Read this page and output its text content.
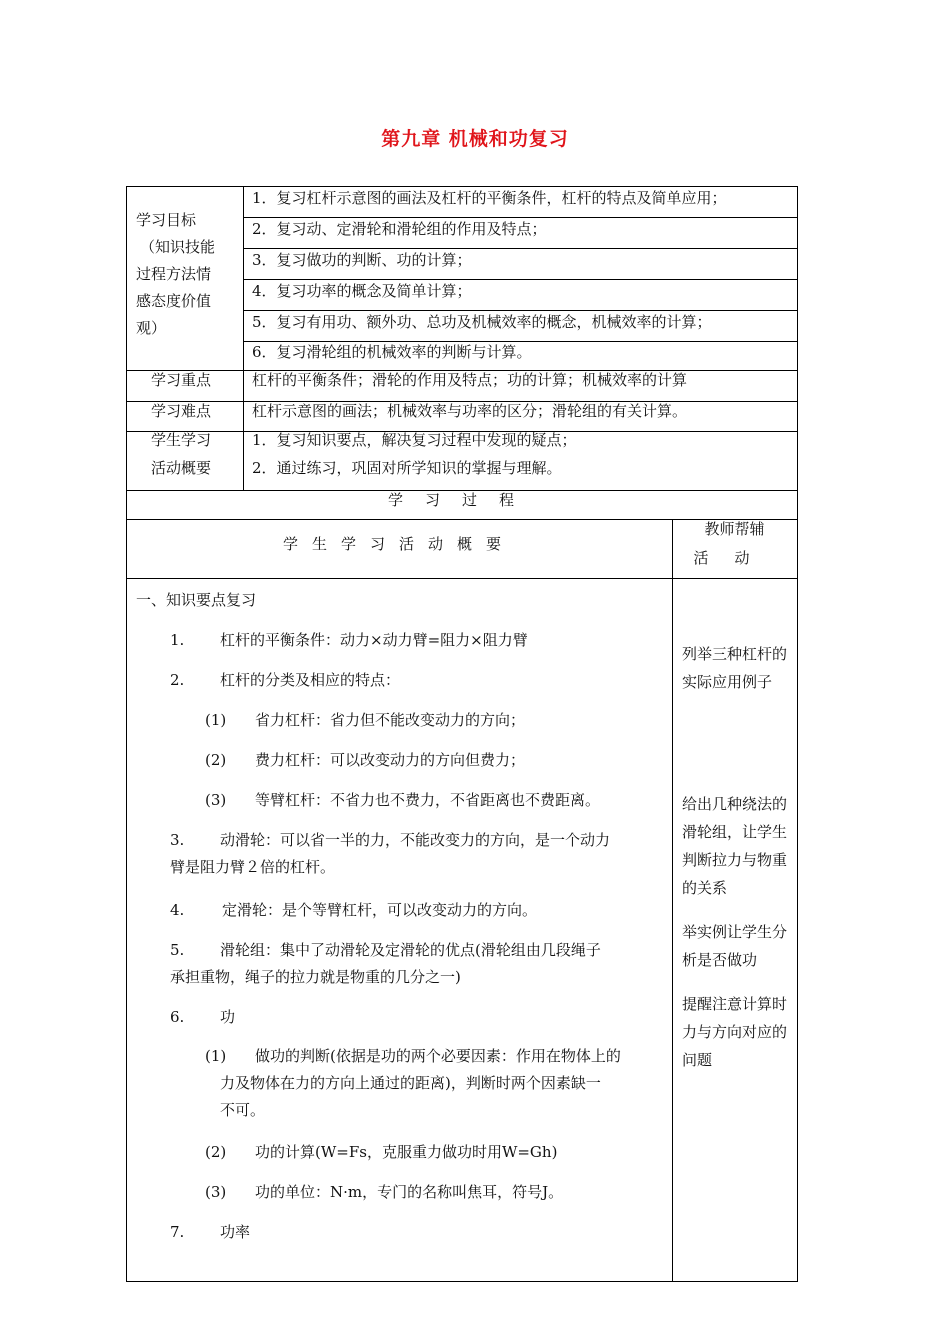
第九章 机械和功复习
学习目标
（知识技能
过程方法情
感态度价值
观）
学习重点
学习难点
学生学习
活动概要
1．复习杠杆示意图的画法及杠杆的平衡条件，杠杆的特点及简单应用；
2．复习动、定滑轮和滑轮组的作用及特点；
3．复习做功的判断、功的计算；
4．复习功率的概念及简单计算；
5．复习有用功、额外功、总功及机械效率的概念，机械效率的计算；
6．复习滑轮组的机械效率的判断与计算。
杠杆的平衡条件；滑轮的作用及特点；功的计算；机械效率的计算
杠杆示意图的画法；机械效率与功率的区分；滑轮组的有关计算。
1．复习知识要点，解决复习过程中发现的疑点；
2．通过练习，巩固对所学知识的掌握与理解。
学习过程
学生学习活动概要
教师帮辅
活动
一、知识要点复习
1. 杠杆的平衡条件：动力×动力臂=阻力×阻力臂
2. 杠杆的分类及相应的特点：
(1) 省力杠杆：省力但不能改变动力的方向；
(2) 费力杠杆：可以改变动力的方向但费力；
(3) 等臂杠杆：不省力也不费力，不省距离也不费距离。
3. 动滑轮：可以省一半的力，不能改变力的方向，是一个动力
臂是阻力臂２倍的杠杆。
4.	定滑轮：是个等臂杠杆，可以改变动力的方向。
5. 滑轮组：集中了动滑轮及定滑轮的优点(滑轮组由几段绳子
承担重物，绳子的拉力就是物重的几分之一)
6. 功
(1) 做功的判断(依据是功的两个必要因素：作用在物体上的
力及物体在力的方向上通过的距离)，判断时两个因素缺一
不可。
(2) 功的计算(W=Fs，克服重力做功时用W=Gh)
(3) 功的单位：N·m，专门的名称叫焦耳，符号J。
7. 功率
列举三种杠杆的实际应用例子
给出几种绕法的滑轮组，让学生判断拉力与物重的关系
举实例让学生分析是否做功
提醒注意计算时力与方向对应的问题
